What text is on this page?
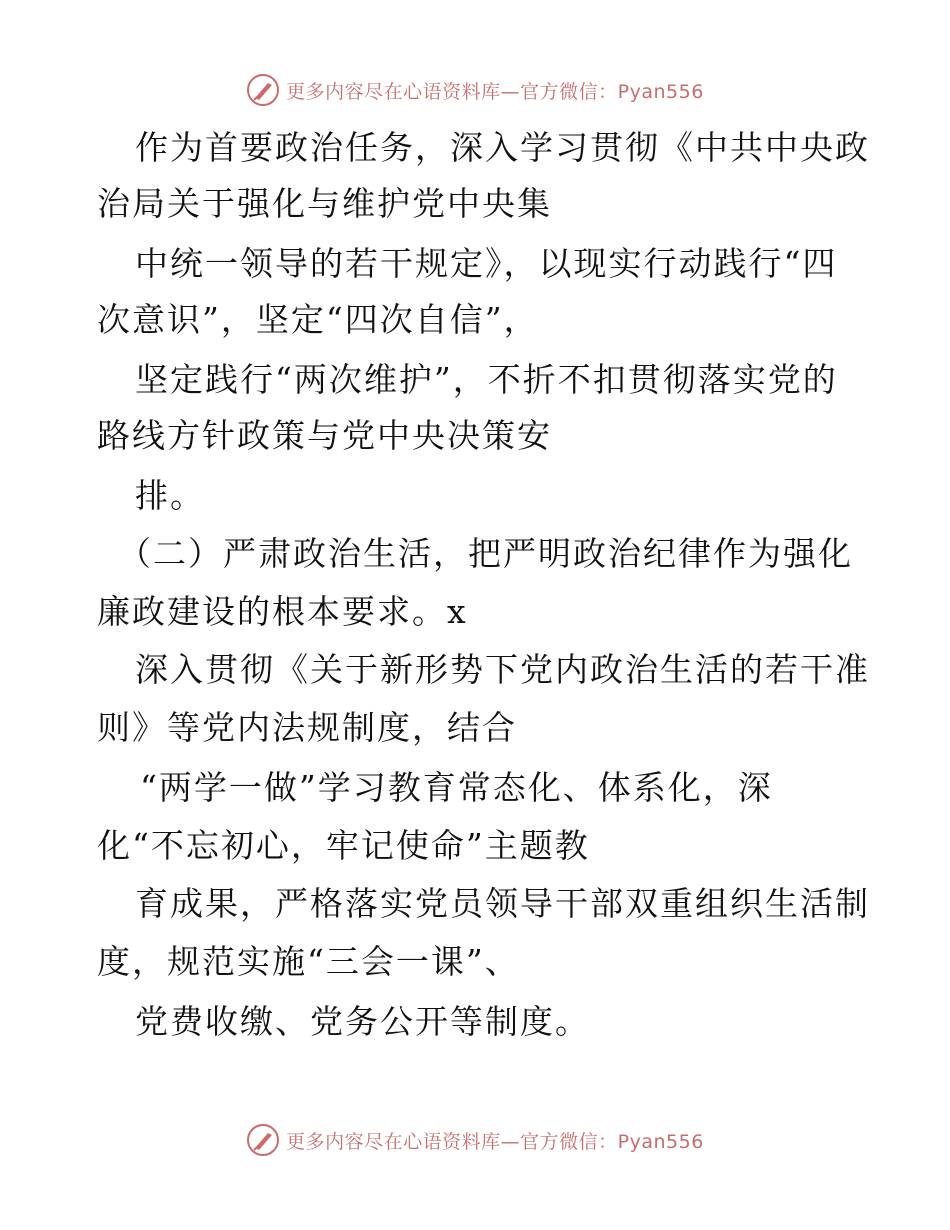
更多内容尽在心语资料库—官方微信：Pyan556
作为首要政治任务，深入学习贯彻《中共中央政
治局关于强化与维护党中央集
中统一领导的若干规定》，以现实行动践行“四
次意识”，坚定“四次自信”，
坚定践行“两次维护”，不折不扣贯彻落实党的
路线方针政策与党中央决策安
排。
（二）严肃政治生活，把严明政治纪律作为强化
廉政建设的根本要求。x
深入贯彻《关于新形势下党内政治生活的若干准
则》等党内法规制度，结合
“两学一做”学习教育常态化、体系化，深
化“不忘初心，牢记使命”主题教
育成果，严格落实党员领导干部双重组织生活制
度，规范实施“三会一课”、
党费收缴、党务公开等制度。
更多内容尽在心语资料库—官方微信：Pyan556
